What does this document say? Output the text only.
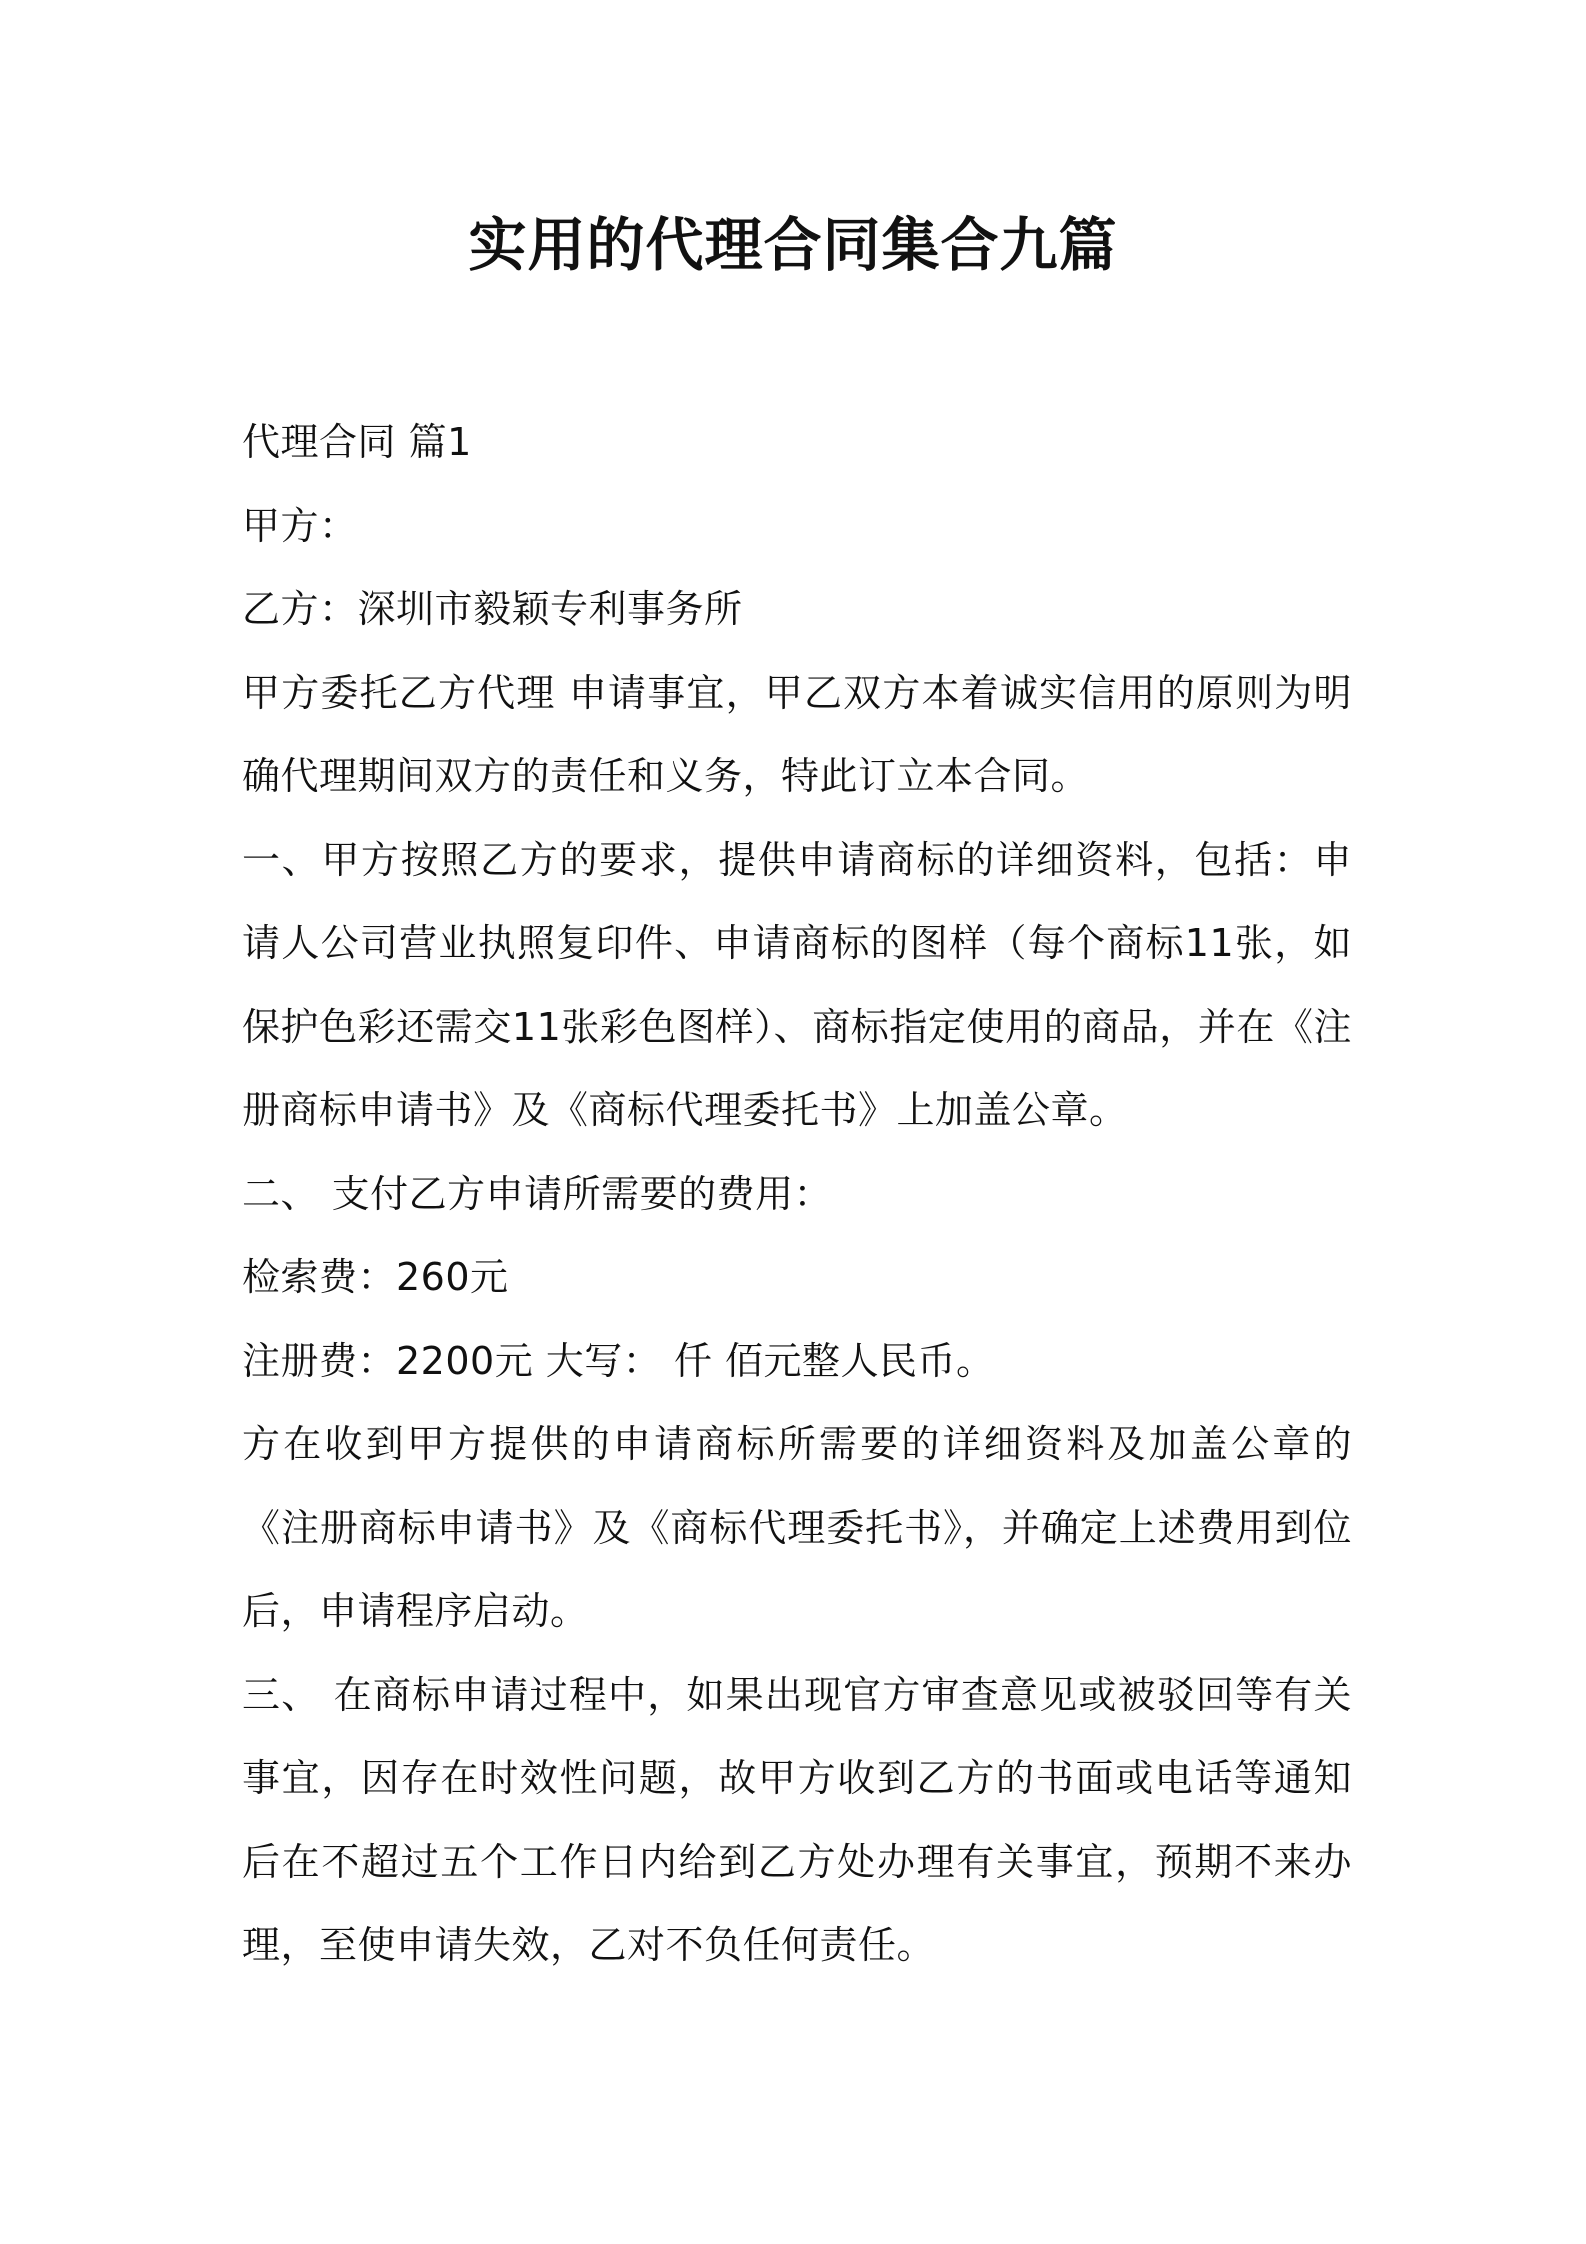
实用的代理合同集合九篇

代理合同 篇1

甲方：

乙方：深圳市毅颖专利事务所

甲方委托乙方代理 申请事宜，甲乙双方本着诚实信用的原则为明确代理期间双方的责任和义务，特此订立本合同。

一、甲方按照乙方的要求，提供申请商标的详细资料，包括：申请人公司营业执照复印件、申请商标的图样（每个商标11张，如保护色彩还需交11张彩色图样）、商标指定使用的商品，并在《注册商标申请书》及《商标代理委托书》上加盖公章。

二、 支付乙方申请所需要的费用：

检索费：260元

注册费：2200元 大写： 仟 佰元整人民币。

方在收到甲方提供的申请商标所需要的详细资料及加盖公章的《注册商标申请书》及《商标代理委托书》，并确定上述费用到位后，申请程序启动。

三、 在商标申请过程中，如果出现官方审查意见或被驳回等有关事宜，因存在时效性问题，故甲方收到乙方的书面或电话等通知后在不超过五个工作日内给到乙方处办理有关事宜，预期不来办理，至使申请失效，乙对不负任何责任。
